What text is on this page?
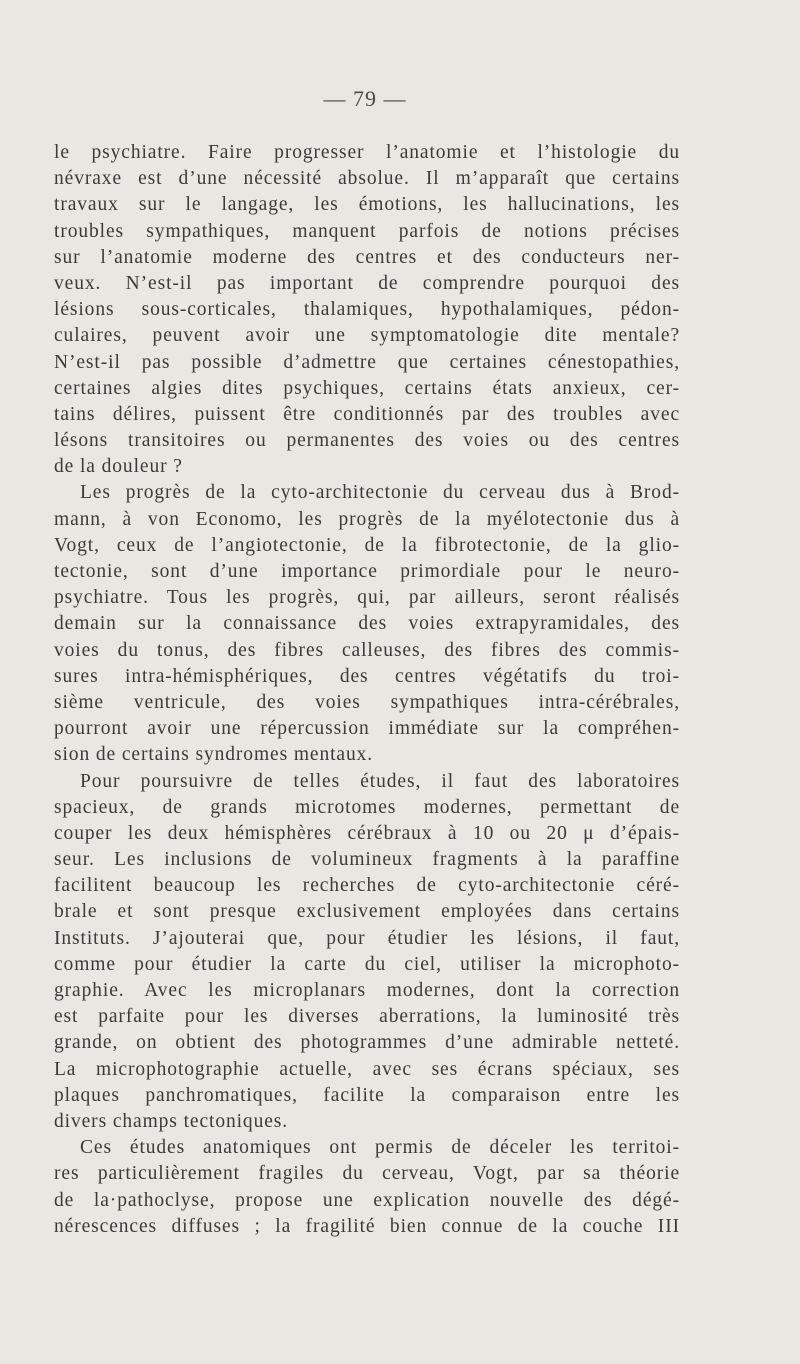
— 79 —
le psychiatre. Faire progresser l’anatomie et l’histologie du
névraxe est d’une nécessité absolue. Il m’apparaît que certains
travaux sur le langage, les émotions, les hallucinations, les
troubles sympathiques, manquent parfois de notions précises
sur l’anatomie moderne des centres et des conducteurs ner-
veux. N’est-il pas important de comprendre pourquoi des
lésions sous-corticales, thalamiques, hypothalamiques, pédon-
culaires, peuvent avoir une symptomatologie dite mentale?
N’est-il pas possible d’admettre que certaines cénestopathies,
certaines algies dites psychiques, certains états anxieux, cer-
tains délires, puissent être conditionnés par des troubles avec
lésons transitoires ou permanentes des voies ou des centres
de la douleur ?
Les progrès de la cyto-architectonie du cerveau dus à Brod-
mann, à von Economo, les progrès de la myélotectonie dus à
Vogt, ceux de l’angiotectonie, de la fibrotectonie, de la glio-
tectonie, sont d’une importance primordiale pour le neuro-
psychiatre. Tous les progrès, qui, par ailleurs, seront réalisés
demain sur la connaissance des voies extrapyramidales, des
voies du tonus, des fibres calleuses, des fibres des commis-
sures intra-hémisphériques, des centres végétatifs du troi-
sième ventricule, des voies sympathiques intra-cérébrales,
pourront avoir une répercussion immédiate sur la compréhen-
sion de certains syndromes mentaux.
Pour poursuivre de telles études, il faut des laboratoires
spacieux, de grands microtomes modernes, permettant de
couper les deux hémisphères cérébraux à 10 ou 20 μ d’épais-
seur. Les inclusions de volumineux fragments à la paraffine
facilitent beaucoup les recherches de cyto-architectonie céré-
brale et sont presque exclusivement employées dans certains
Instituts. J’ajouterai que, pour étudier les lésions, il faut,
comme pour étudier la carte du ciel, utiliser la microphoto-
graphie. Avec les microplanars modernes, dont la correction
est parfaite pour les diverses aberrations, la luminosité très
grande, on obtient des photogrammes d’une admirable netteté.
La microphotographie actuelle, avec ses écrans spéciaux, ses
plaques panchromatiques, facilite la comparaison entre les
divers champs tectoniques.
Ces études anatomiques ont permis de déceler les territoi-
res particulièrement fragiles du cerveau, Vogt, par sa théorie
de la·pathoclyse, propose une explication nouvelle des dégé-
nérescences diffuses ; la fragilité bien connue de la couche III
